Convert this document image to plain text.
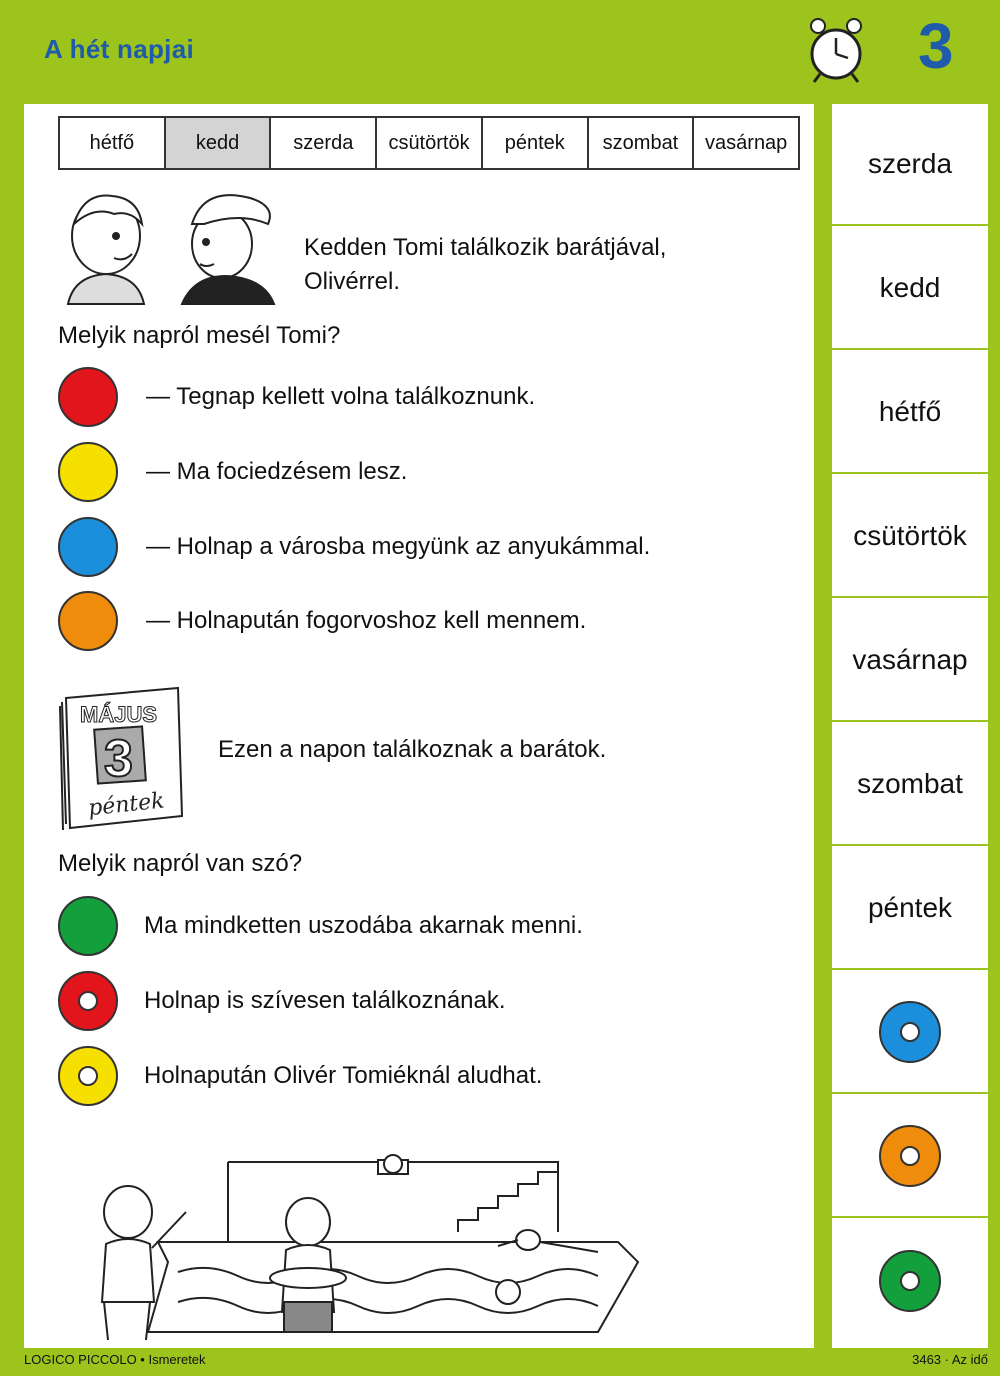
A hét napjai	3
hétfő	kedd	szerda	csütörtök	péntek	szombat	vasárnap
Kedden Tomi találkozik barátjával,
Olivérrel.
Melyik napról mesél Tomi?
— Tegnap kellett volna találkoznunk.
— Ma fociedzésem lesz.
— Holnap a városba megyünk az anyukámmal.
— Holnapután fogorvoshoz kell mennem.
MÁJUS
3
péntek
Ezen a napon találkoznak a barátok.
Melyik napról van szó?
Ma mindketten uszodába akarnak menni.
Holnap is szívesen találkoznának.
Holnapután Olivér Tomiéknál aludhat.
szerda
kedd
hétfő
csütörtök
vasárnap
szombat
péntek
LOGICO PICCOLO • Ismeretek	3463 · Az idő
